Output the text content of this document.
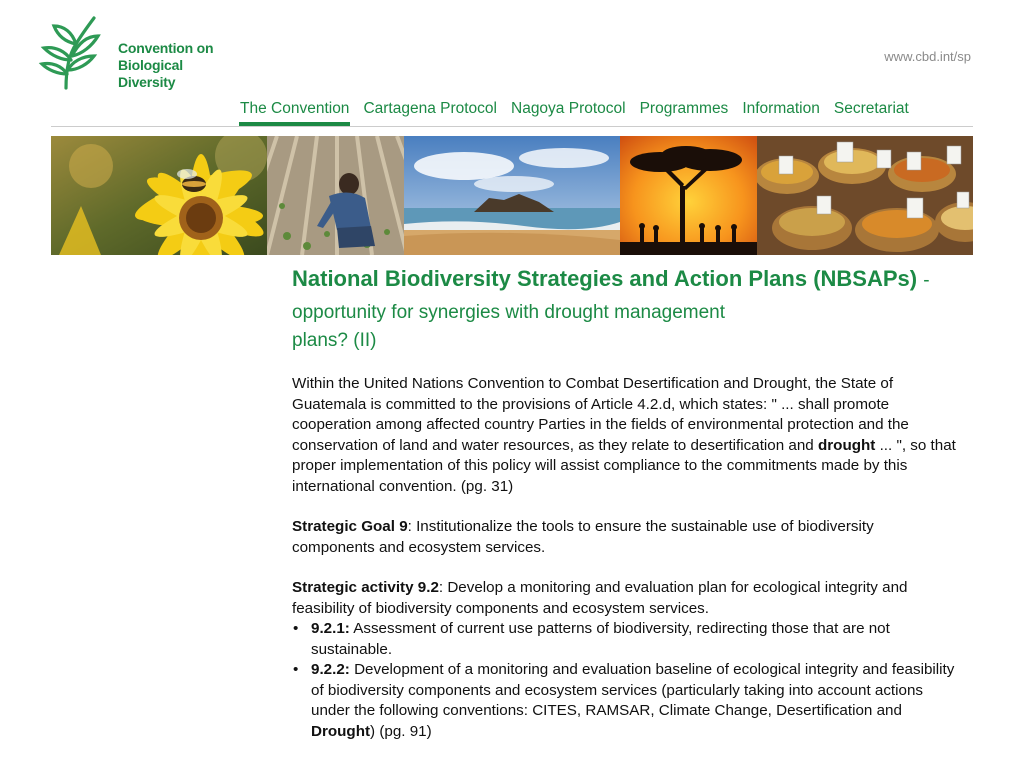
Convention on
Biological Diversity
www.cbd.int/sp
The Convention Cartagena Protocol Nagoya Protocol Programmes Information Secretariat
National Biodiversity Strategies and Action Plans (NBSAPs) - opportunity for synergies with drought management
plans? (II)
Within the United Nations Convention to Combat Desertification and Drought, the State of Guatemala is committed to the provisions of Article 4.2.d, which states: " ... shall promote cooperation among affected country Parties in the fields of environmental protection and the conservation of land and water resources, as they relate to desertification and drought ... ", so that proper implementation of this policy will assist compliance to the commitments made by this international convention. (pg. 31)
Strategic Goal 9: Institutionalize the tools to ensure the sustainable use of biodiversity components and ecosystem services.
Strategic activity 9.2: Develop a monitoring and evaluation plan for ecological integrity and feasibility of biodiversity components and ecosystem services.
• 9.2.1: Assessment of current use patterns of biodiversity, redirecting those that are not sustainable.
• 9.2.2: Development of a monitoring and evaluation baseline of ecological integrity and feasibility of biodiversity components and ecosystem services (particularly taking into account actions under the following conventions: CITES, RAMSAR, Climate Change, Desertification and Drought) (pg. 91)
